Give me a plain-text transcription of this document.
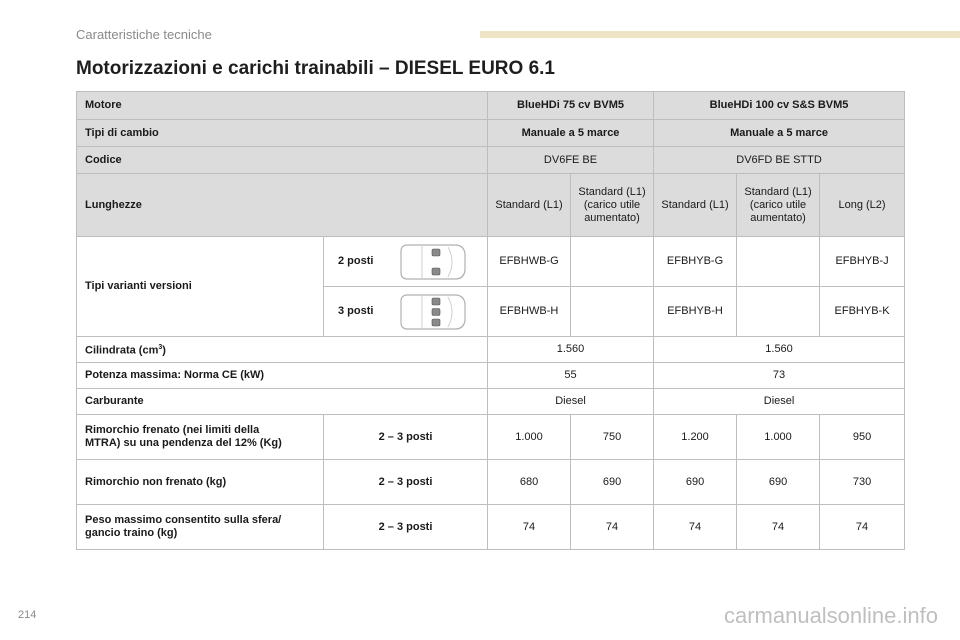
Caratteristiche tecniche
Motorizzazioni e carichi trainabili – DIESEL EURO 6.1
Motore		BlueHDi 75 cv BVM5		BlueHDi 100 cv S&S BVM5		
Tipi di cambio		Manuale a 5 marce		Manuale a 5 marce		
Codice		DV6FE BE		DV6FD BE STTD		
Lunghezze		Standard (L1)	Standard (L1) (carico utile aumentato)	Standard (L1)	Standard (L1) (carico utile aumentato)	Long (L2)
Tipi varianti versioni	2 posti	EFBHWB-G		EFBHYB-G		EFBHYB-J

	3 posti	EFBHWB-H		EFBHYB-H		EFBHYB-K
Cilindrata $(cm^3)$		1.560		1.560		
Potenza massima: Norma CE (kW)		55		73		
Carburante		Diesel		Diesel		
Rimorchio frenato (nei limiti della
MTRA) su una pendenza del 12% (Kg)	2 – 3 posti	1.000	750	1.200	1.000	950
Rimorchio non frenato (kg)	2 – 3 posti	680	690	690	690	730
Peso massimo consentito sulla sfera/
gancio traino (kg)	2 – 3 posti	74	74	74	74	74
214	carmanualsonline.info
